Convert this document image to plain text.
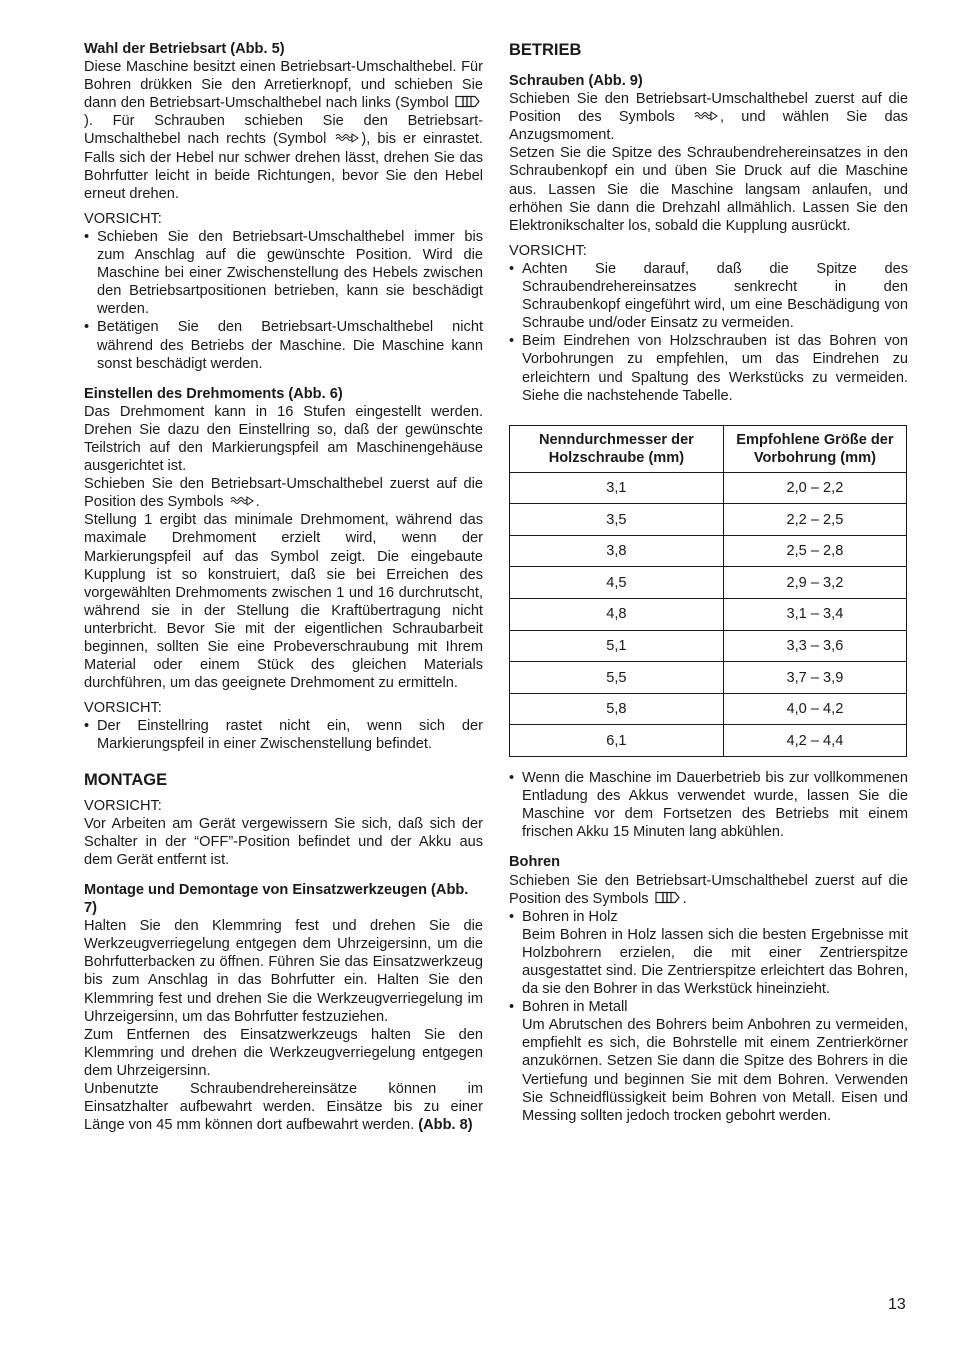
Wahl der Betriebsart (Abb. 5)

Diese Maschine besitzt einen Betriebsart-Umschalthebel. Für Bohren drükken Sie den Arretierknopf, und schieben Sie dann den Betriebsart-Umschalthebel nach links (Symbol ). Für Schrauben schieben Sie den Betriebsart-Umschalthebel nach rechts (Symbol ), bis er einrastet. Falls sich der Hebel nur schwer drehen lässt, drehen Sie das Bohrfutter leicht in beide Richtungen, bevor Sie den Hebel erneut drehen.

VORSICHT:

• Schieben Sie den Betriebsart-Umschalthebel immer bis zum Anschlag auf die gewünschte Position. Wird die Maschine bei einer Zwischenstellung des Hebels zwischen den Betriebsartpositionen betrieben, kann sie beschädigt werden.
• Betätigen Sie den Betriebsart-Umschalthebel nicht während des Betriebs der Maschine. Die Maschine kann sonst beschädigt werden.
Einstellen des Drehmoments (Abb. 6)

Das Drehmoment kann in 16 Stufen eingestellt werden. Drehen Sie dazu den Einstellring so, daß der gewünschte Teilstrich auf den Markierungspfeil am Maschinengehäuse ausgerichtet ist.

Schieben Sie den Betriebsart-Umschalthebel zuerst auf die Position des Symbols .

Stellung 1 ergibt das minimale Drehmoment, während das maximale Drehmoment erzielt wird, wenn der Markierungspfeil auf das Symbol zeigt. Die eingebaute Kupplung ist so konstruiert, daß sie bei Erreichen des vorgewählten Drehmoments zwischen 1 und 16 durchrutscht, während sie in der Stellung die Kraftübertragung nicht unterbricht. Bevor Sie mit der eigentlichen Schraubarbeit beginnen, sollten Sie eine Probeverschraubung mit Ihrem Material oder einem Stück des gleichen Materials durchführen, um das geeignete Drehmoment zu ermitteln.

VORSICHT:

• Der Einstellring rastet nicht ein, wenn sich der Markierungspfeil in einer Zwischenstellung befindet.
MONTAGE

VORSICHT:

Vor Arbeiten am Gerät vergewissern Sie sich, daß sich der Schalter in der “OFF”-Position befindet und der Akku aus dem Gerät entfernt ist.

Montage und Demontage von Einsatzwerkzeugen (Abb. 7)

Halten Sie den Klemmring fest und drehen Sie die Werkzeugverriegelung entgegen dem Uhrzeigersinn, um die Bohrfutterbacken zu öffnen. Führen Sie das Einsatzwerkzeug bis zum Anschlag in das Bohrfutter ein. Halten Sie den Klemmring fest und drehen Sie die Werkzeugverriegelung im Uhrzeigersinn, um das Bohrfutter festzuziehen.

Zum Entfernen des Einsatzwerkzeugs halten Sie den Klemmring und drehen die Werkzeugverriegelung entgegen dem Uhrzeigersinn.

Unbenutzte Schraubendrehereinsätze können im Einsatzhalter aufbewahrt werden. Einsätze bis zu einer Länge von 45 mm können dort aufbewahrt werden. (Abb. 8)

BETRIEB
Schrauben (Abb. 9)

Schieben Sie den Betriebsart-Umschalthebel zuerst auf die Position des Symbols	, und wählen Sie das Anzugsmoment.

Setzen Sie die Spitze des Schraubendrehereinsatzes in den Schraubenkopf ein und üben Sie Druck auf die Maschine aus. Lassen Sie die Maschine langsam anlaufen, und erhöhen Sie dann die Drehzahl allmählich. Lassen Sie den Elektronikschalter los, sobald die Kupplung ausrückt.

VORSICHT:

• Achten Sie darauf, daß die Spitze des Schraubendrehereinsatzes senkrecht in den Schraubenkopf eingeführt wird, um eine Beschädigung von Schraube und/oder Einsatz zu vermeiden.
• Beim Eindrehen von Holzschrauben ist das Bohren von Vorbohrungen zu empfehlen, um das Eindrehen zu erleichtern und Spaltung des Werkstücks zu vermeiden. Siehe die nachstehende Tabelle.
Nenndurchmesser der Holzschraube (mm)	Empfohlene Größe der Vorbohrung (mm)
3,1	2,0 – 2,2
3,5	2,2 – 2,5
3,8	2,5 – 2,8
4,5	2,9 – 3,2
4,8	3,1 – 3,4
5,1	3,3 – 3,6
5,5	3,7 – 3,9
5,8	4,0 – 4,2
6,1	4,2 – 4,4
• Wenn die Maschine im Dauerbetrieb bis zur vollkommenen Entladung des Akkus verwendet wurde, lassen Sie die Maschine vor dem Fortsetzen des Betriebs mit einem frischen Akku 15 Minuten lang abkühlen.
Bohren

Schieben Sie den Betriebsart-Umschalthebel zuerst auf die Position des Symbols .

• Bohren in Holz
Beim Bohren in Holz lassen sich die besten Ergebnisse mit Holzbohrern erzielen, die mit einer Zentrierspitze ausgestattet sind. Die Zentrierspitze erleichtert das Bohren, da sie den Bohrer in das Werkstück hineinzieht.
• Bohren in Metall
Um Abrutschen des Bohrers beim Anbohren zu vermeiden, empfiehlt es sich, die Bohrstelle mit einem Zentrierkörner anzukörnen. Setzen Sie dann die Spitze des Bohrers in die Vertiefung und beginnen Sie mit dem Bohren. Verwenden Sie Schneidflüssigkeit beim Bohren von Metall. Eisen und Messing sollten jedoch trocken gebohrt werden.
13
